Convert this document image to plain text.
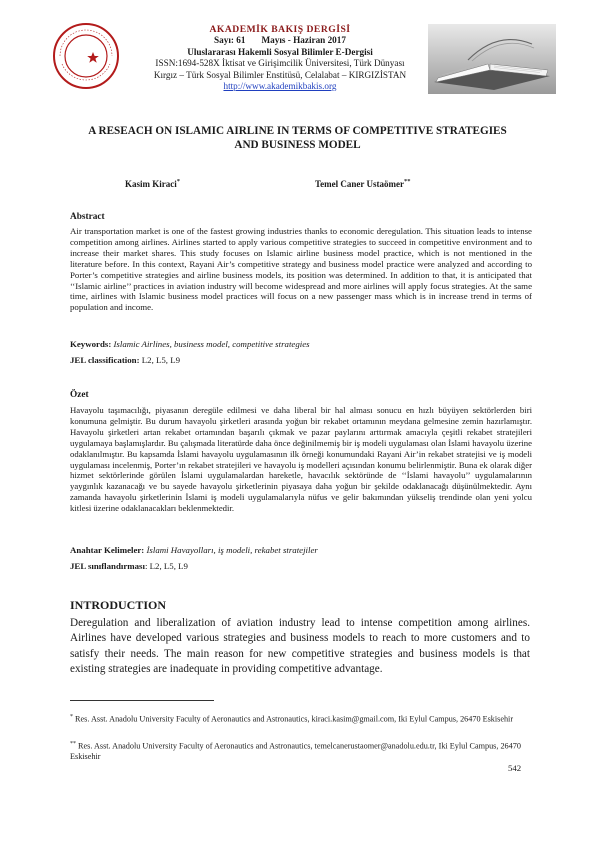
AKADEMİK BAKIŞ DERGİSİ
Sayı: 61       Mayıs - Haziran 2017
Uluslararası Hakemli Sosyal Bilimler E-Dergisi
ISSN:1694-528X İktisat ve Girişimcilik Üniversitesi, Türk Dünyası
Kırgız – Türk Sosyal Bilimler Enstitüsü, Celalabat – KIRGIZİSTAN
http://www.akademikbakis.org
A RESEACH ON ISLAMIC AIRLINE IN TERMS OF COMPETITIVE STRATEGIES
AND BUSINESS MODEL
Kasim Kiraci*	Temel Caner Ustaömer**
Abstract
Air transportation market is one of the fastest growing industries thanks to economic deregulation. This situation leads to intense competition among airlines. Airlines started to apply various competitive strategies to succeed in competitive environment and to increase their market shares. This study focuses on Islamic airline business model practice, which is not mentioned in the literature before. In this context, Rayani Air’s competitive strategy and business model practice were analyzed and according to Porter’s competitive strategies and airline business models, its position was determined. In addition to that, it is anticipated that ‘‘Islamic airline’’ practices in aviation industry will become widespread and more airlines will apply focus strategies. At the same time, airlines with Islamic business model practices will focus on a new passenger mass which is in increase trend in terms of population and income.
Keywords: Islamic Airlines, business model, competitive strategies
JEL classification: L2, L5, L9
Özet
Havayolu taşımacılığı, piyasanın deregüle edilmesi ve daha liberal bir hal alması sonucu en hızlı büyüyen sektörlerden biri konumuna gelmiştir. Bu durum havayolu şirketleri arasında yoğun bir rekabet ortamının meydana gelmesine zemin hazırlamıştır. Havayolu şirketleri artan rekabet ortamından başarılı çıkmak ve pazar paylarını arttırmak amacıyla çeşitli rekabet stratejileri uygulamaya başlamışlardır. Bu çalışmada literatürde daha önce değinilmemiş bir iş modeli uygulaması olan İslami havayolu üzerine odaklanılmıştır. Bu kapsamda İslami havayolu uygulamasının ilk örneği konumundaki Rayani Air’in rekabet stratejisi ve iş modeli uygulaması incelenmiş, Porter’ın rekabet stratejileri ve havayolu iş modelleri açısından konumu belirlenmiştir. Buna ek olarak diğer hizmet sektörlerinde görülen İslami uygulamalardan hareketle, havacılık sektöründe de ‘‘İslami havayolu’’ uygulamalarının yaygınlık kazanacağı ve bu sayede havayolu şirketlerinin piyasaya daha yoğun bir şekilde odaklanacağı düşünülmektedir. Aynı zamanda havayolu şirketlerinin İslami iş modeli uygulamalarıyla nüfus ve gelir bakımından yükseliş trendinde olan yeni yolcu kitlesi üzerine odaklanacakları beklenmektedir.
Anahtar Kelimeler: İslami Havayolları, iş modeli, rekabet stratejiler
JEL sınıflandırması: L2, L5, L9
INTRODUCTION
Deregulation and liberalization of aviation industry lead to intense competition among airlines. Airlines have developed various strategies and business models to reach to more customers and to satisfy their needs. The main reason for new competitive strategies and business models is that existing strategies are inadequate in providing competitive advantage.
* Res. Asst. Anadolu University Faculty of Aeronautics and Astronautics, kiraci.kasim@gmail.com, Iki Eylul Campus, 26470 Eskisehir
** Res. Asst. Anadolu University Faculty of Aeronautics and Astronautics, temelcanerustaomer@anadolu.edu.tr, Iki Eylul Campus, 26470 Eskisehir
542
